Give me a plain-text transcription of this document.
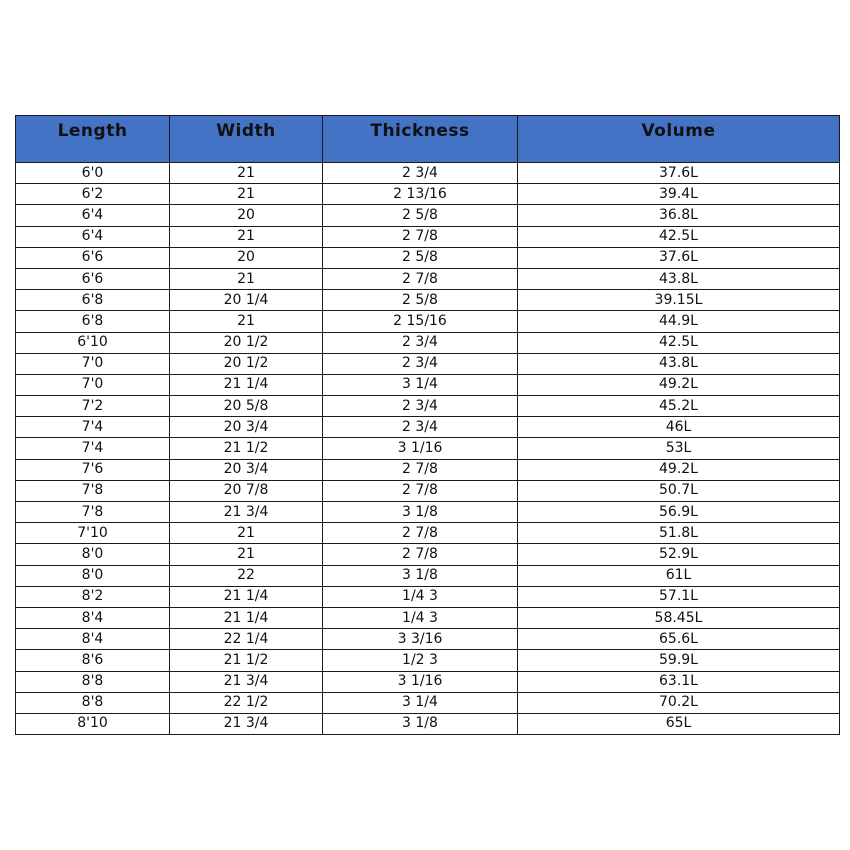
Length	Width	Thickness	Volume
6'0	21	2 3/4	37.6L
6'2	21	2 13/16	39.4L
6'4	20	2 5/8	36.8L
6'4	21	2 7/8	42.5L
6'6	20	2 5/8	37.6L
6'6	21	2 7/8	43.8L
6'8	20 1/4	2 5/8	39.15L
6'8	21	2 15/16	44.9L
6'10	20 1/2	2 3/4	42.5L
7'0	20 1/2	2 3/4	43.8L
7'0	21 1/4	3 1/4	49.2L
7'2	20 5/8	2 3/4	45.2L
7'4	20 3/4	2 3/4	46L
7'4	21 1/2	3 1/16	53L
7'6	20 3/4	2 7/8	49.2L
7'8	20 7/8	2 7/8	50.7L
7'8	21 3/4	3 1/8	56.9L
7'10	21	2 7/8	51.8L
8'0	21	2 7/8	52.9L
8'0	22	3 1/8	61L
8'2	21 1/4	1/4 3	57.1L
8'4	21 1/4	1/4 3	58.45L
8'4	22 1/4	3 3/16	65.6L
8'6	21 1/2	1/2 3	59.9L
8'8	21 3/4	3 1/16	63.1L
8'8	22 1/2	3 1/4	70.2L
8'10	21 3/4	3 1/8	65L
